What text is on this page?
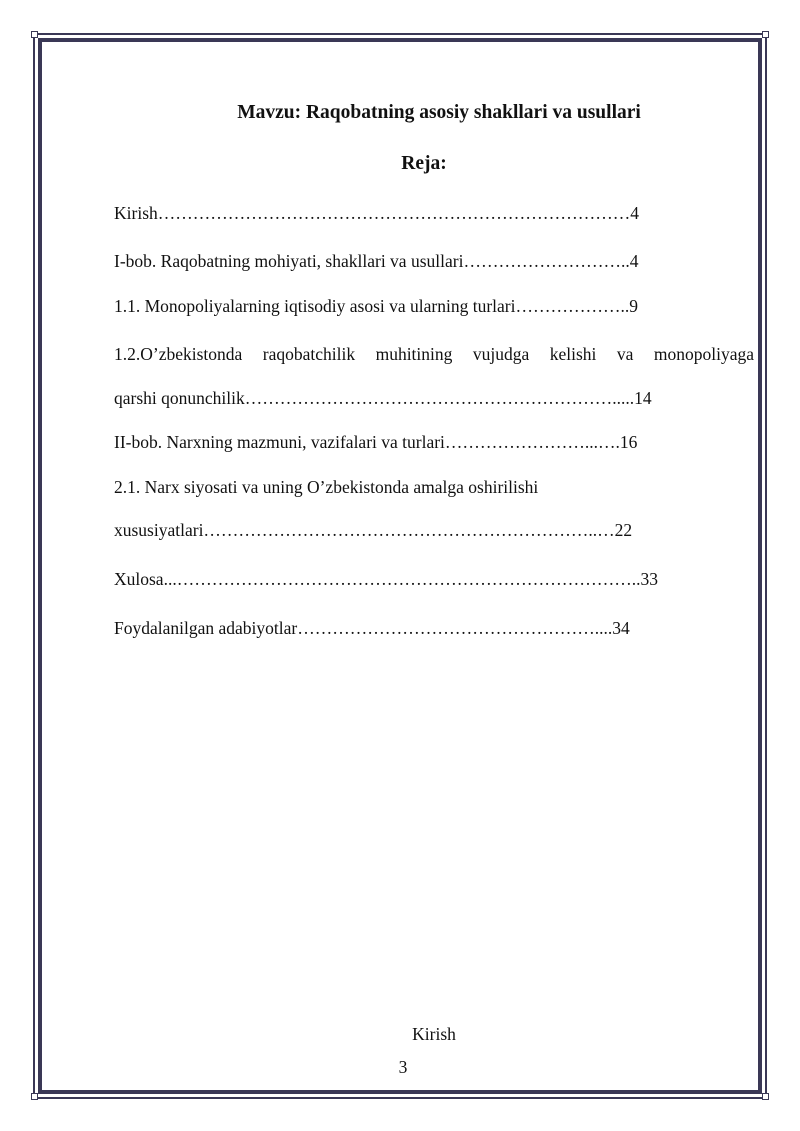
Mavzu: Raqobatning asosiy shakllari va usullari
Reja:
Kirish………………………………………………………………………4
I-bob. Raqobatning mohiyati, shakllari va usullari………………………..4
1.1. Monopoliyalarning iqtisodiy asosi va ularning turlari………………..9
1.2.O’zbekistonda raqobatchilik muhitining vujudga kelishi va monopoliyaga
qarshi qonunchilik……………………………………………………….....14
II-bob. Narxning mazmuni, vazifalari va turlari……………………...….16
2.1. Narx siyosati va uning O’zbekistonda amalga oshirilishi
xususiyatlari…………………………………………………………..…22
Xulosa...……………………………………………………………………..33
Foydalanilgan adabiyotlar……………………………………………....34
Kirish
3
